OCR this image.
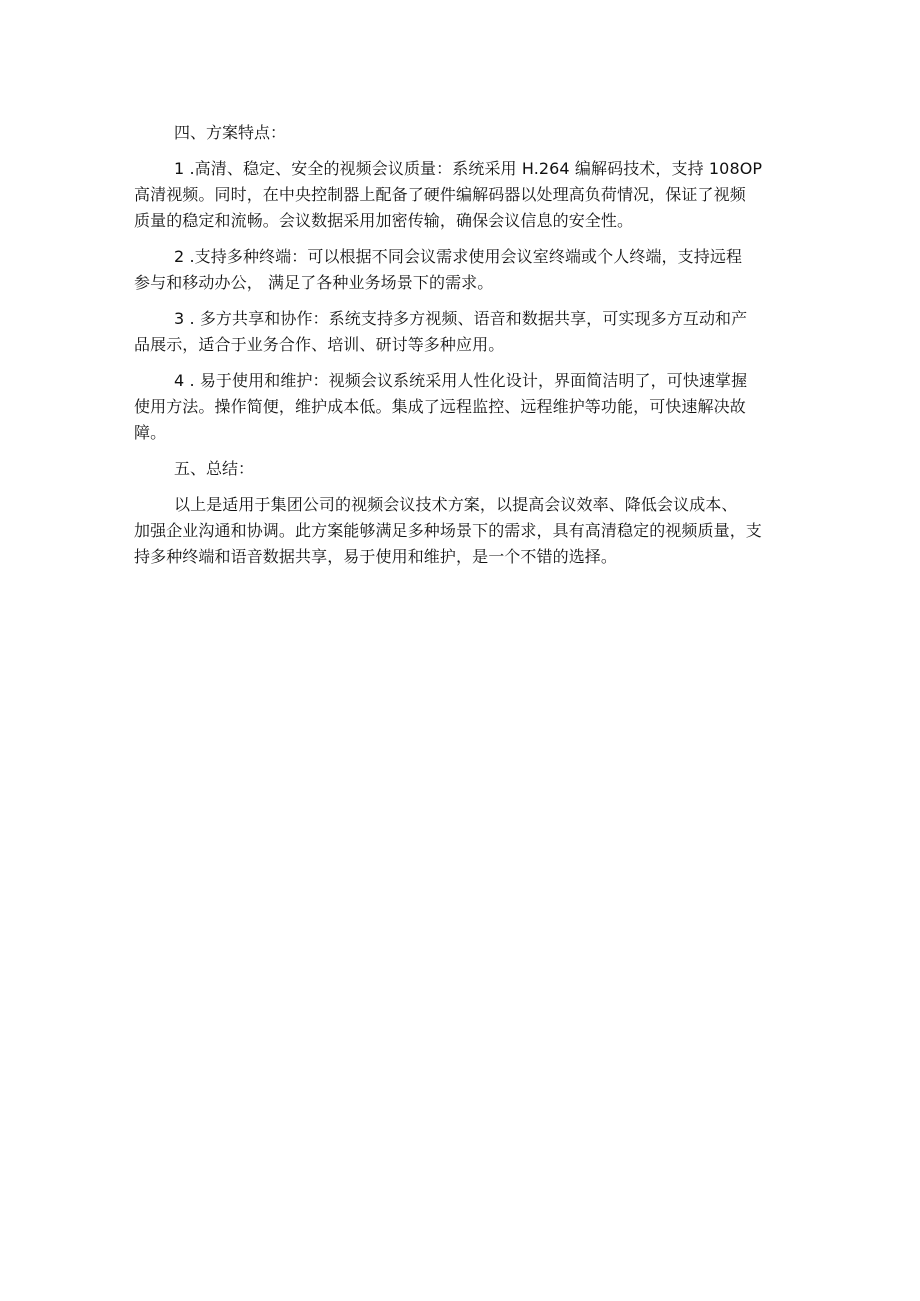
四、方案特点：

1 .高清、稳定、安全的视频会议质量：系统采用 H.264 编解码技术，支持 108OP
高清视频。同时，在中央控制器上配备了硬件编解码器以处理高负荷情况，保证了视频
质量的稳定和流畅。会议数据采用加密传输，确保会议信息的安全性。

2 .支持多种终端：可以根据不同会议需求使用会议室终端或个人终端，支持远程
参与和移动办公， 满足了各种业务场景下的需求。

3 . 多方共享和协作：系统支持多方视频、语音和数据共享，可实现多方互动和产
品展示，适合于业务合作、培训、研讨等多种应用。

4 . 易于使用和维护：视频会议系统采用人性化设计，界面简洁明了，可快速掌握
使用方法。操作简便，维护成本低。集成了远程监控、远程维护等功能，可快速解决故
障。

五、总结：

以上是适用于集团公司的视频会议技术方案，以提高会议效率、降低会议成本、
加强企业沟通和协调。此方案能够满足多种场景下的需求，具有高清稳定的视频质量，支
持多种终端和语音数据共享，易于使用和维护，是一个不错的选择。
